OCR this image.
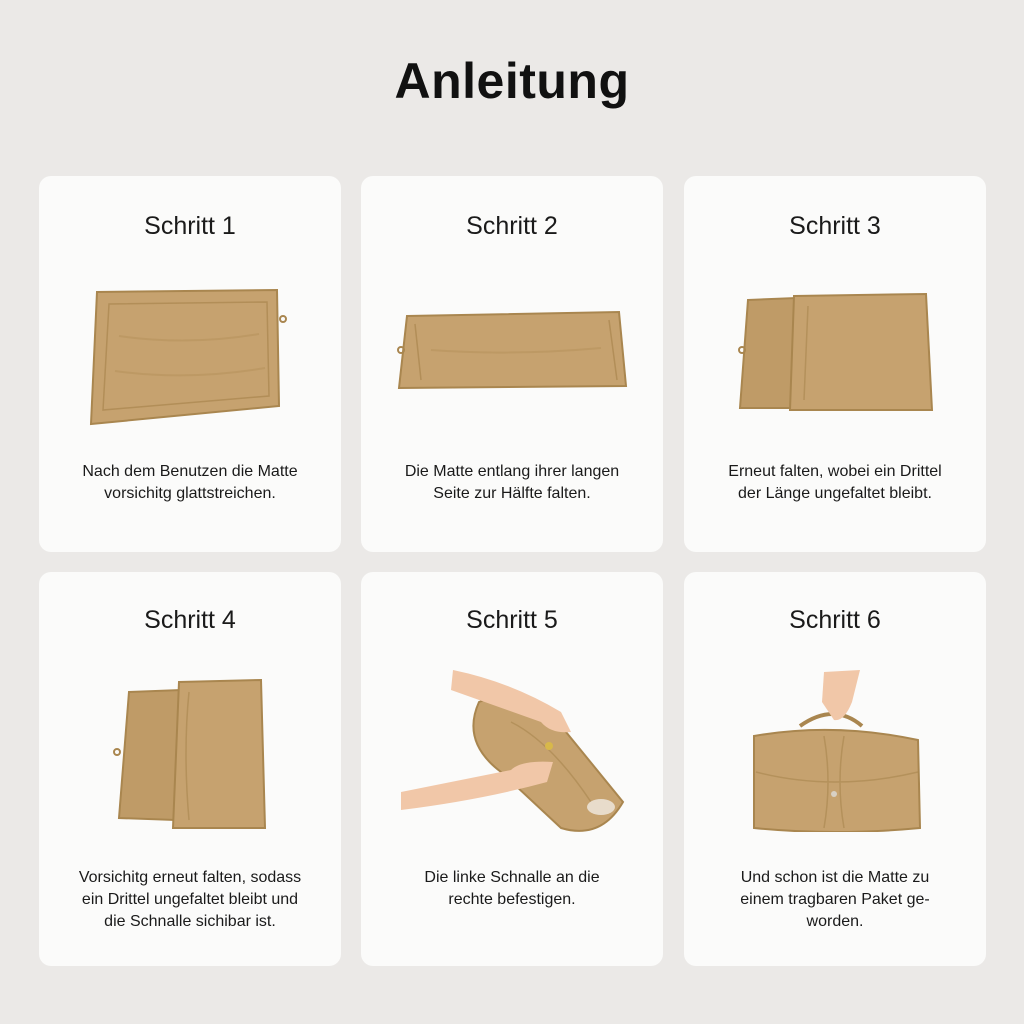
Anleitung
Schritt 1
Nach dem Benutzen die Matte
vorsichitg glattstreichen.
Schritt 2
Die Matte entlang ihrer langen
Seite zur Hälfte falten.
Schritt 3
Erneut falten, wobei ein Drittel
der Länge ungefaltet bleibt.
Schritt 4
Vorsichitg erneut falten, sodass
ein Drittel ungefaltet bleibt und
die Schnalle sichibar ist.
Schritt 5
Die linke Schnalle an die
rechte befestigen.
Schritt 6
Und schon ist die Matte zu
einem tragbaren Paket ge-
worden.
